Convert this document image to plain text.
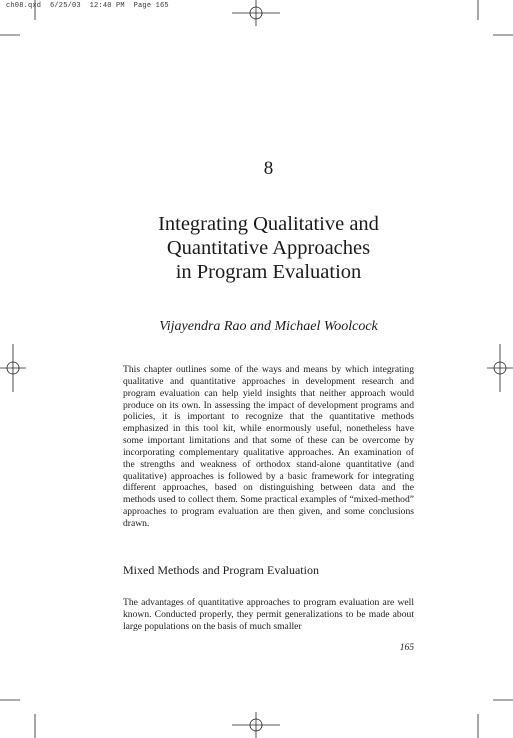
ch08.qxd  6/25/03  12:40 PM  Page 165
8
Integrating Qualitative and
Quantitative Approaches
in Program Evaluation
Vijayendra Rao and Michael Woolcock

This chapter outlines some of the ways and means by which integrating qualitative and quantitative approaches in development research and program evaluation can help yield insights that neither approach would produce on its own. In assessing the impact of development programs and policies, it is important to recognize that the quantitative methods emphasized in this tool kit, while enormously useful, nonetheless have some important limitations and that some of these can be overcome by incorporating complementary qualitative approaches. An examination of the strengths and weakness of orthodox stand-alone quantitative (and qualitative) approaches is followed by a basic framework for integrating different approaches, based on distinguishing between data and the methods used to collect them. Some practical examples of “mixed-method” approaches to program evaluation are then given, and some conclusions drawn.

Mixed Methods and Program Evaluation

The advantages of quantitative approaches to program evaluation are well known. Conducted properly, they permit generalizations to be made about large populations on the basis of much smaller

165
